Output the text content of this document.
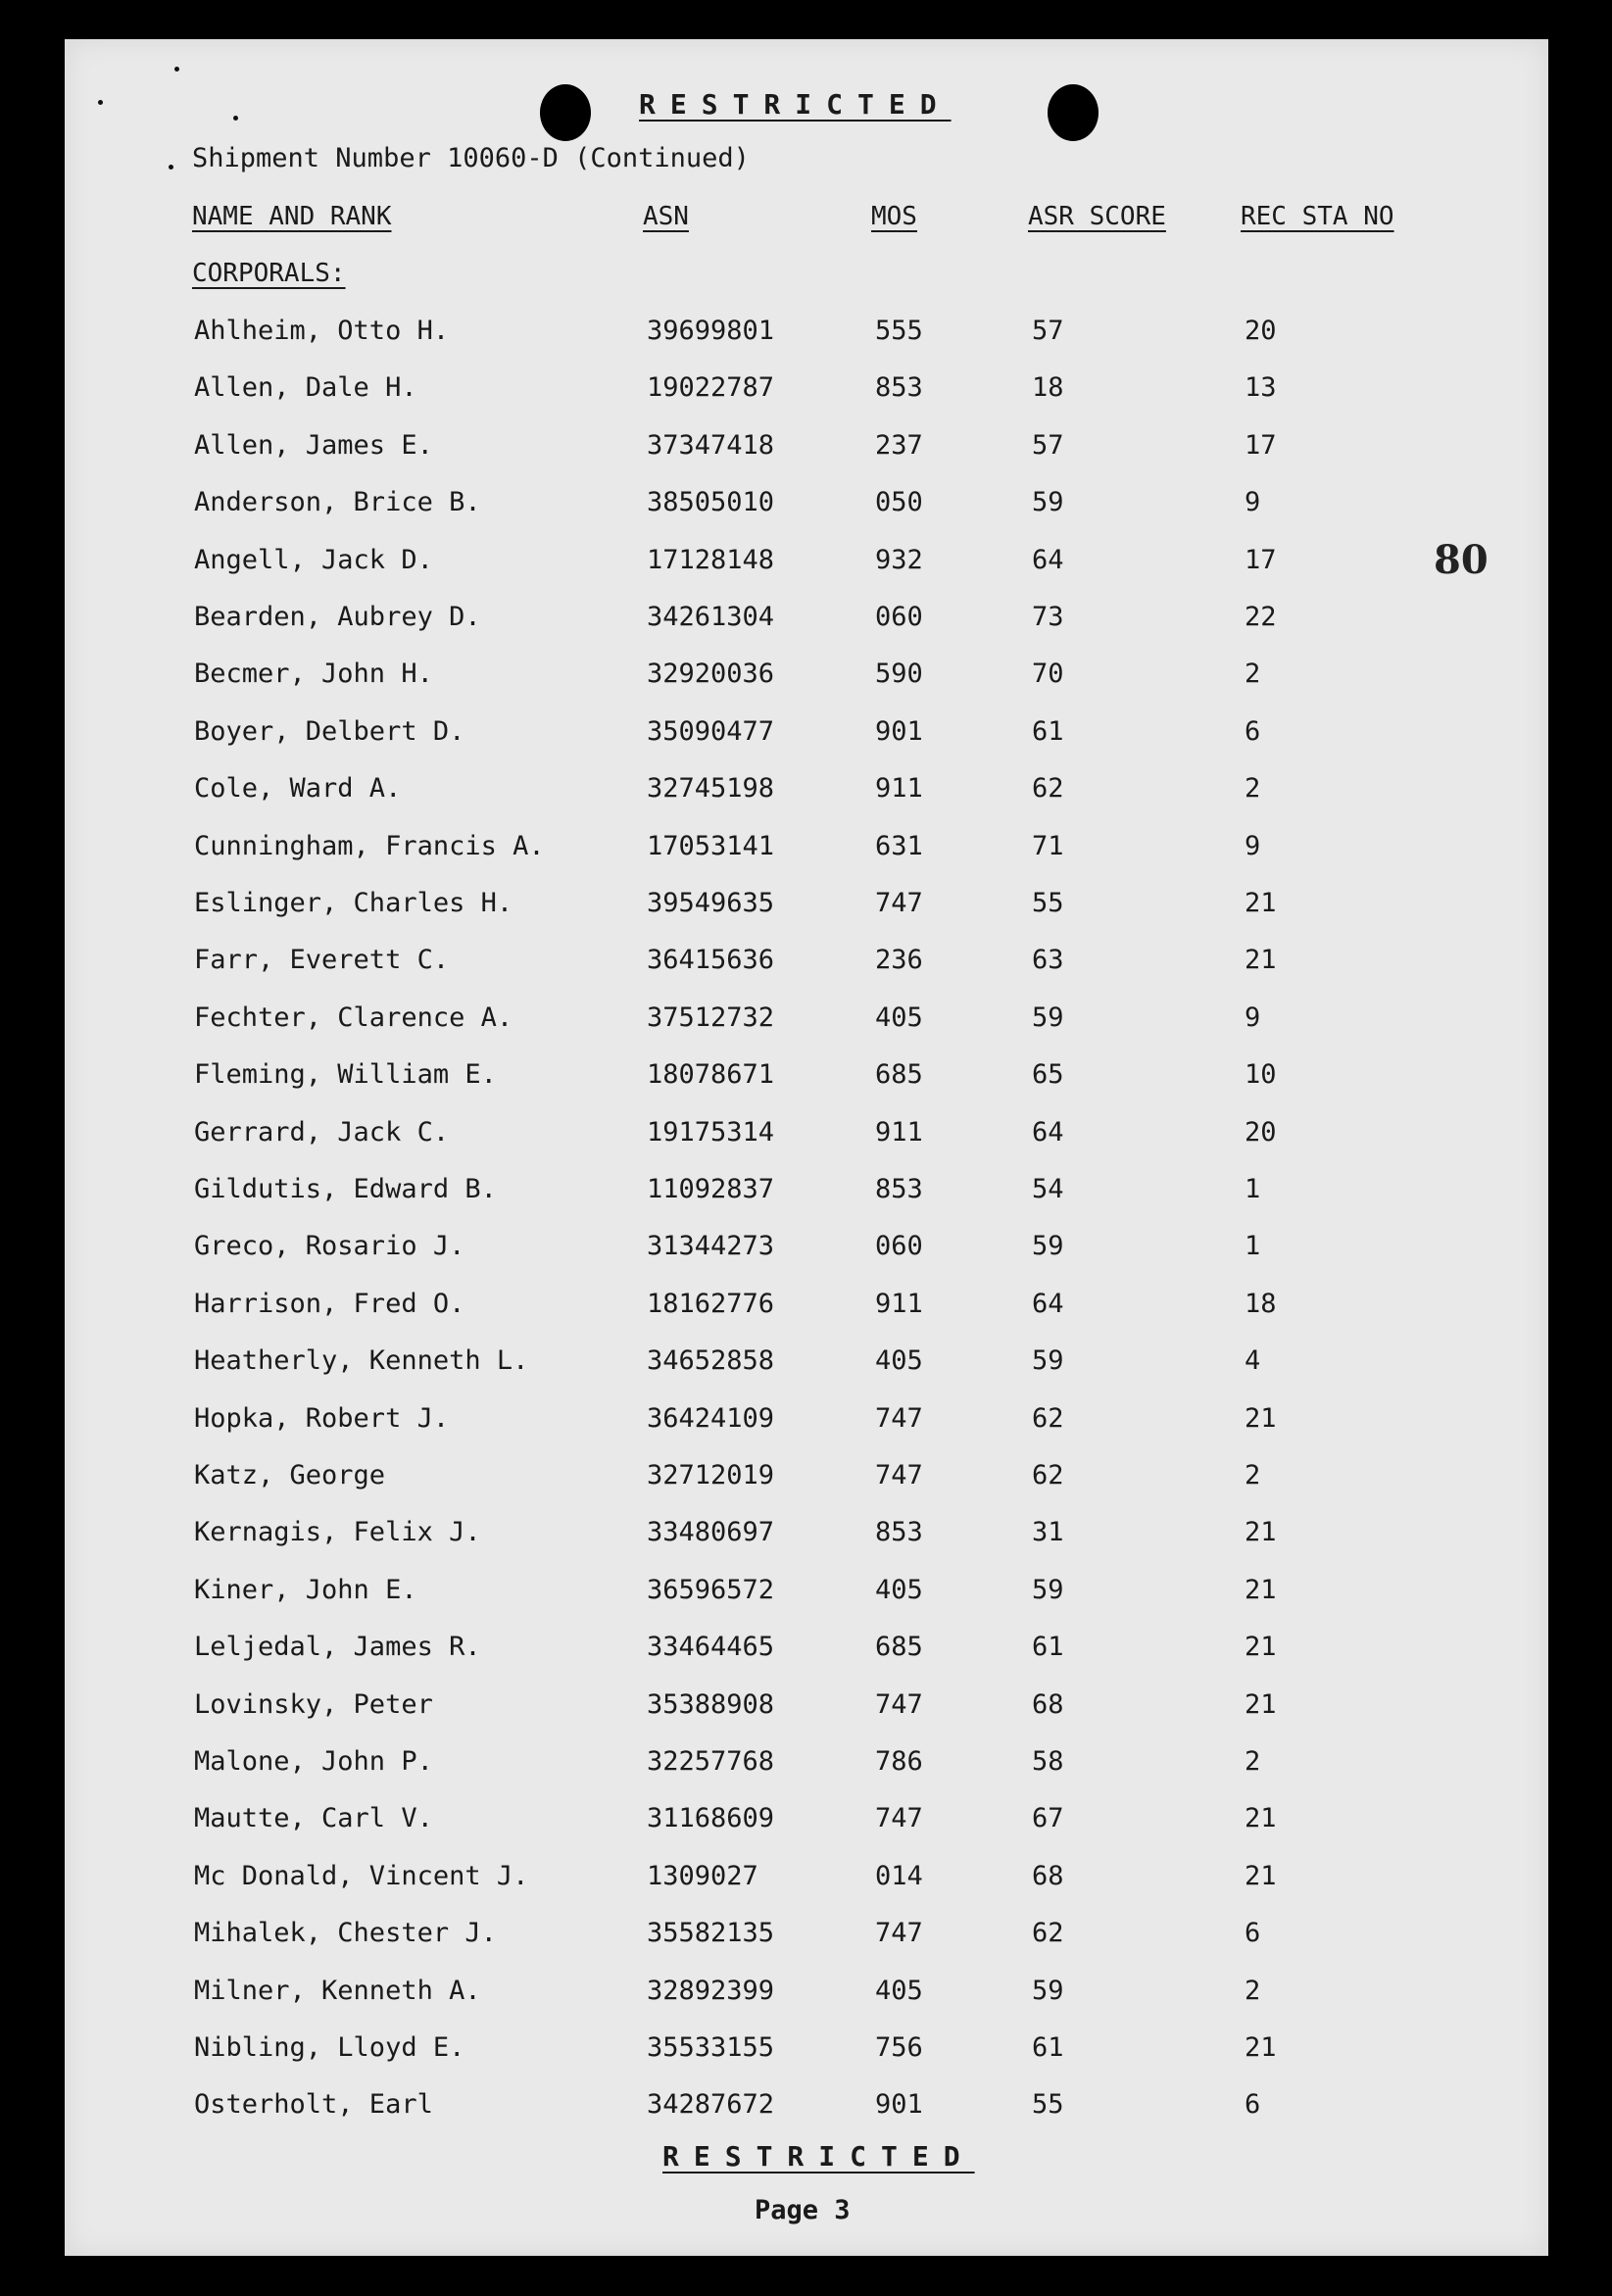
RESTRICTED
Shipment Number 10060-D (Continued)
NAME AND RANK	ASN	MOS	ASR SCORE	REC STA NO
CORPORALS:
Ahlheim, Otto H.	39699801	555	57	20
Allen, Dale H.	19022787	853	18	13
Allen, James E.	37347418	237	57	17
Anderson, Brice B.	38505010	050	59	9
Angell, Jack D.	17128148	932	64	17
Bearden, Aubrey D.	34261304	060	73	22
Becmer, John H.	32920036	590	70	2
Boyer, Delbert D.	35090477	901	61	6
Cole, Ward A.	32745198	911	62	2
Cunningham, Francis A.	17053141	631	71	9
Eslinger, Charles H.	39549635	747	55	21
Farr, Everett C.	36415636	236	63	21
Fechter, Clarence A.	37512732	405	59	9
Fleming, William E.	18078671	685	65	10
Gerrard, Jack C.	19175314	911	64	20
Gildutis, Edward B.	11092837	853	54	1
Greco, Rosario J.	31344273	060	59	1
Harrison, Fred O.	18162776	911	64	18
Heatherly, Kenneth L.	34652858	405	59	4
Hopka, Robert J.	36424109	747	62	21
Katz, George	32712019	747	62	2
Kernagis, Felix J.	33480697	853	31	21
Kiner, John E.	36596572	405	59	21
Leljedal, James R.	33464465	685	61	21
Lovinsky, Peter	35388908	747	68	21
Malone, John P.	32257768	786	58	2
Mautte, Carl V.	31168609	747	67	21
Mc Donald, Vincent J.	1309027	014	68	21
Mihalek, Chester J.	35582135	747	62	6
Milner, Kenneth A.	32892399	405	59	2
Nibling, Lloyd E.	35533155	756	61	21
Osterholt, Earl	34287672	901	55	6
80
RESTRICTED
Page 3
